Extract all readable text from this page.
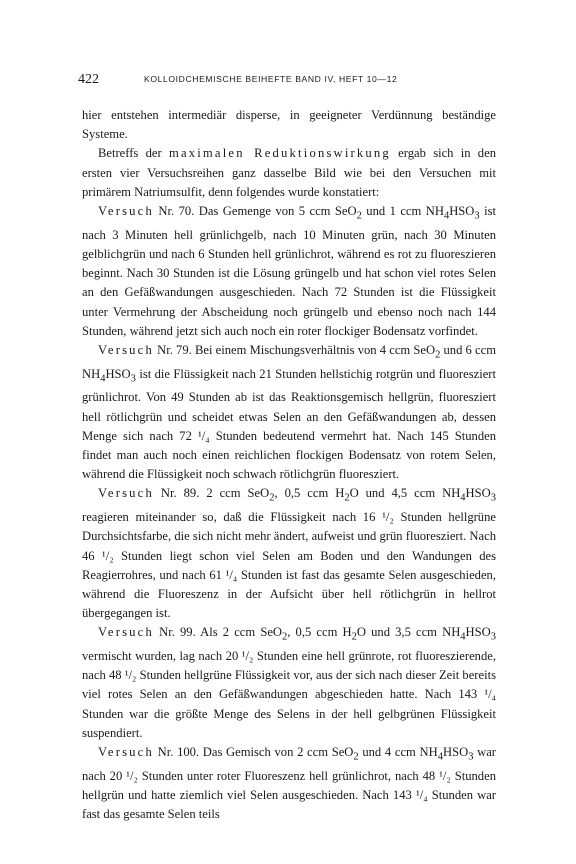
422	KOLLOIDCHEMISCHE BEIHEFTE BAND IV, HEFT 10—12

hier entstehen intermediär disperse, in geeigneter Verdünnung beständige Systeme.

Betreffs der maximalen Reduktionswirkung ergab sich in den ersten vier Versuchsreihen ganz dasselbe Bild wie bei den Versuchen mit primärem Natriumsulfit, denn folgendes wurde konstatiert:

Versuch Nr. 70. Das Gemenge von 5 ccm SeO$_2$ und 1 ccm $NH_4HSO_3$ ist nach 3 Minuten hell grünlichgelb, nach 10 Minuten grün, nach 30 Minuten gelblichgrün und nach 6 Stunden hell grünlichrot, während es rot zu fluoreszieren beginnt. Nach 30 Stunden ist die Lösung grüngelb und hat schon viel rotes Selen an den Gefäßwandungen ausgeschieden. Nach 72 Stunden ist die Flüssigkeit unter Vermehrung der Abscheidung noch grüngelb und ebenso noch nach 144 Stunden, während jetzt sich auch noch ein roter flockiger Bodensatz vorfindet.

Versuch Nr. 79. Bei einem Mischungsverhältnis von 4 ccm SeO$_2$ und 6 ccm $NH_4HSO_3$ ist die Flüssigkeit nach 21 Stunden hellstichig rotgrün und fluoresziert grünlichrot. Von 49 Stunden ab ist das Reaktionsgemisch hellgrün, fluoresziert hell rötlichgrün und scheidet etwas Selen an den Gefäßwandungen ab, dessen Menge sich nach 72 ¹/₄ Stunden bedeutend vermehrt hat. Nach 145 Stunden findet man auch noch einen reichlichen flockigen Bodensatz von rotem Selen, während die Flüssigkeit noch schwach rötlichgrün fluoresziert.

Versuch Nr. 89. 2 ccm SeO$_2$, 0,5 ccm $H_2O$ und 4,5 ccm $NH_4HSO_3$ reagieren miteinander so, daß die Flüssigkeit nach 16 ¹/₂ Stunden hellgrüne Durchsichtsfarbe, die sich nicht mehr ändert, aufweist und grün fluoresziert. Nach 46 ¹/₂ Stunden liegt schon viel Selen am Boden und den Wandungen des Reagierrohres, und nach 61 ¹/₄ Stunden ist fast das gesamte Selen ausgeschieden, während die Fluoreszenz in der Aufsicht über hell rötlichgrün in hellrot übergegangen ist.

Versuch Nr. 99. Als 2 ccm SeO$_2$, 0,5 ccm $H_2O$ und 3,5 ccm $NH_4HSO_3$ vermischt wurden, lag nach 20 ¹/₂ Stunden eine hell grünrote, rot fluoreszierende, nach 48 ¹/₂ Stunden hellgrüne Flüssigkeit vor, aus der sich nach dieser Zeit bereits viel rotes Selen an den Gefäßwandungen abgeschieden hatte. Nach 143 ¹/₄ Stunden war die größte Menge des Selens in der hell gelbgrünen Flüssigkeit suspendiert.

Versuch Nr. 100. Das Gemisch von 2 ccm SeO$_2$ und 4 ccm $NH_4HSO_3$ war nach 20 ¹/₂ Stunden unter roter Fluoreszenz hell grünlichrot, nach 48 ¹/₂ Stunden hellgrün und hatte ziemlich viel Selen ausgeschieden. Nach 143 ¹/₄ Stunden war fast das gesamte Selen teils
